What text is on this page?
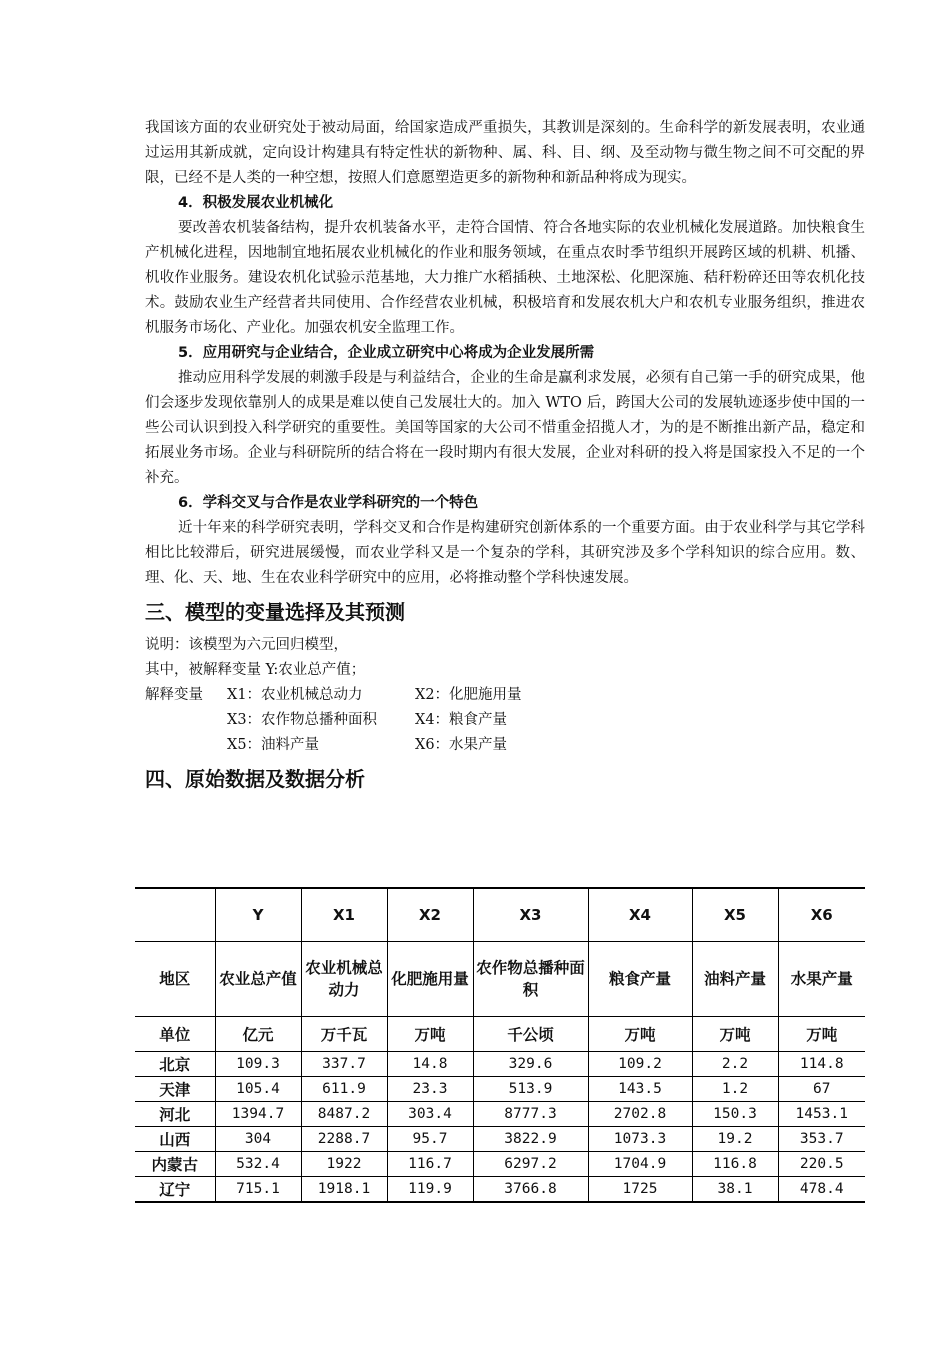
我国该方面的农业研究处于被动局面，给国家造成严重损失，其教训是深刻的。生命科学的新发展表明，农业通过运用其新成就，定向设计构建具有特定性状的新物种、属、科、目、纲、及至动物与微生物之间不可交配的界限，已经不是人类的一种空想，按照人们意愿塑造更多的新物种和新品种将成为现实。

4．积极发展农业机械化

要改善农机装备结构，提升农机装备水平，走符合国情、符合各地实际的农业机械化发展道路。加快粮食生产机械化进程，因地制宜地拓展农业机械化的作业和服务领域，在重点农时季节组织开展跨区域的机耕、机播、机收作业服务。建设农机化试验示范基地，大力推广水稻插秧、土地深松、化肥深施、秸秆粉碎还田等农机化技术。鼓励农业生产经营者共同使用、合作经营农业机械，积极培育和发展农机大户和农机专业服务组织，推进农机服务市场化、产业化。加强农机安全监理工作。

5．应用研究与企业结合，企业成立研究中心将成为企业发展所需

推动应用科学发展的刺激手段是与利益结合，企业的生命是赢利求发展，必须有自己第一手的研究成果，他们会逐步发现依靠别人的成果是难以使自己发展壮大的。加入 WTO 后，跨国大公司的发展轨迹逐步使中国的一些公司认识到投入科学研究的重要性。美国等国家的大公司不惜重金招揽人才，为的是不断推出新产品，稳定和拓展业务市场。企业与科研院所的结合将在一段时期内有很大发展，企业对科研的投入将是国家投入不足的一个补充。

6．学科交叉与合作是农业学科研究的一个特色

近十年来的科学研究表明，学科交叉和合作是构建研究创新体系的一个重要方面。由于农业科学与其它学科相比比较滞后，研究进展缓慢，而农业学科又是一个复杂的学科，其研究涉及多个学科知识的综合应用。数、理、化、天、地、生在农业科学研究中的应用，必将推动整个学科快速发展。

三、模型的变量选择及其预测
说明：该模型为六元回归模型，
其中，被解释变量 Y:农业总产值；
解释变量	X1：农业机械总动力	X2：化肥施用量
X3：农作物总播种面积	X4：粮食产量
X5：油料产量	X6：水果产量
四、原始数据及数据分析
	Y	X1	X2	X3	X4	X5	X6
地区	农业总产值	农业机械总动力	化肥施用量	农作物总播种面积	粮食产量	油料产量	水果产量
单位	亿元	万千瓦	万吨	千公顷	万吨	万吨	万吨
北京	109.3	337.7	14.8	329.6	109.2	2.2	114.8
天津	105.4	611.9	23.3	513.9	143.5	1.2	67
河北	1394.7	8487.2	303.4	8777.3	2702.8	150.3	1453.1
山西	304	2288.7	95.7	3822.9	1073.3	19.2	353.7
内蒙古	532.4	1922	116.7	6297.2	1704.9	116.8	220.5
辽宁	715.1	1918.1	119.9	3766.8	1725	38.1	478.4
